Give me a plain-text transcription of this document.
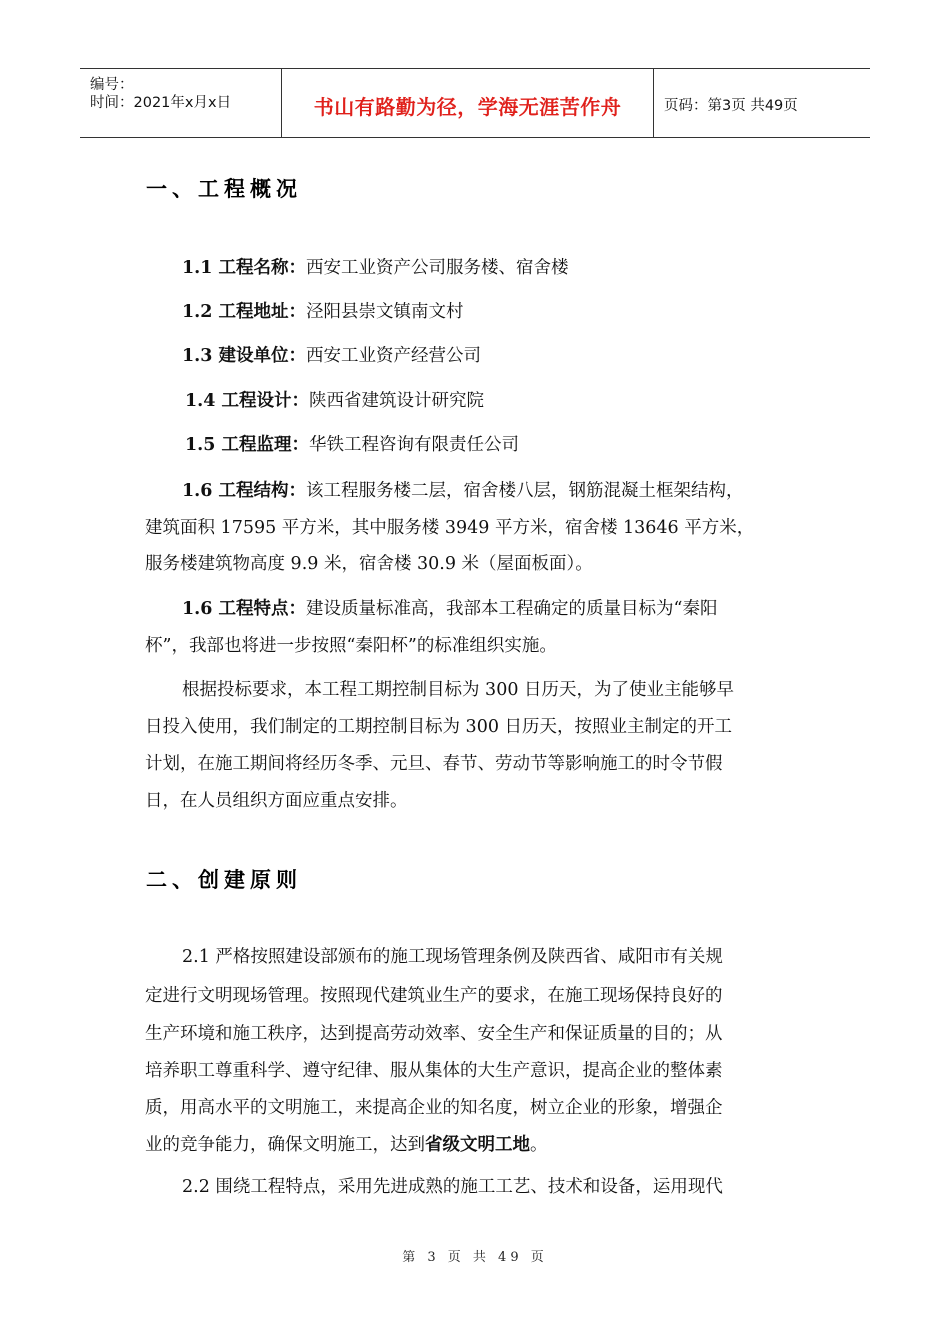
编号：
时间：2021年x月x日	书山有路勤为径，学海无涯苦作舟	页码：第3页 共49页
一、工程概况
1.1 工程名称：西安工业资产公司服务楼、宿舍楼
1.2 工程地址：泾阳县崇文镇南文村
1.3 建设单位：西安工业资产经营公司
1.4 工程设计：陕西省建筑设计研究院
1.5 工程监理：华铁工程咨询有限责任公司
1.6 工程结构：该工程服务楼二层，宿舍楼八层，钢筋混凝土框架结构，
建筑面积 17595 平方米，其中服务楼 3949 平方米，宿舍楼 13646 平方米，
服务楼建筑物高度 9.9 米，宿舍楼 30.9 米（屋面板面）。
1.6 工程特点：建设质量标准高，我部本工程确定的质量目标为“秦阳
杯”，我部也将进一步按照“秦阳杯”的标准组织实施。
根据投标要求，本工程工期控制目标为 300 日历天，为了使业主能够早
日投入使用，我们制定的工期控制目标为 300 日历天，按照业主制定的开工
计划，在施工期间将经历冬季、元旦、春节、劳动节等影响施工的时令节假
日，在人员组织方面应重点安排。
二、创建原则
2.1 严格按照建设部颁布的施工现场管理条例及陕西省、咸阳市有关规
定进行文明现场管理。按照现代建筑业生产的要求，在施工现场保持良好的
生产环境和施工秩序，达到提高劳动效率、安全生产和保证质量的目的；从
培养职工尊重科学、遵守纪律、服从集体的大生产意识，提高企业的整体素
质，用高水平的文明施工，来提高企业的知名度，树立企业的形象，增强企
业的竞争能力，确保文明施工，达到省级文明工地。
2.2 围绕工程特点，采用先进成熟的施工工艺、技术和设备，运用现代
第 3 页 共 49 页
